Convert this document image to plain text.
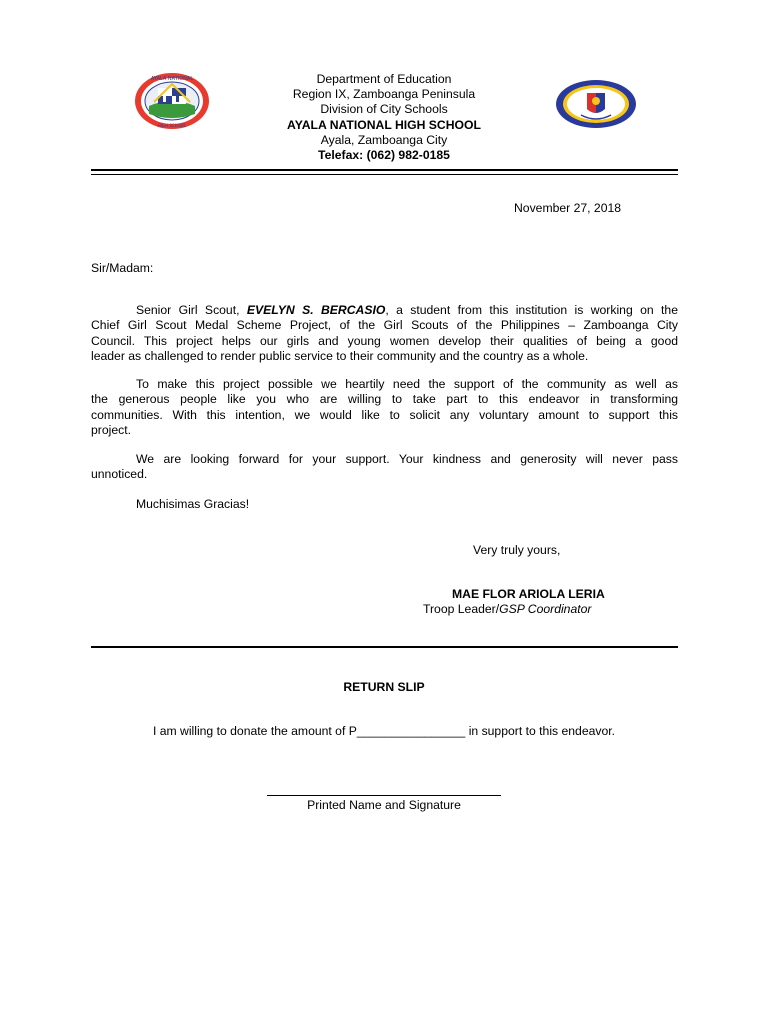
AYALA NATIONAL
HIGH SCHOOL
Department of Education
Region IX, Zamboanga Peninsula
Division of City Schools
AYALA NATIONAL HIGH SCHOOL
Ayala, Zamboanga City
Telefax: (062) 982-0185
November 27, 2018
Sir/Madam:
Senior Girl Scout, EVELYN S. BERCASIO, a student from this institution is working on the
Chief Girl Scout Medal Scheme Project, of the Girl Scouts of the Philippines – Zamboanga City
Council. This project helps our girls and young women develop their qualities of being a good
leader as challenged to render public service to their community and the country as a whole.
To make this project possible we heartily need the support of the community as well as
the generous people like you who are willing to take part to this endeavor in transforming
communities. With this intention, we would like to solicit any voluntary amount to support this
project.
We are looking forward for your support. Your kindness and generosity will never pass
unnoticed.
Muchisimas Gracias!
Very truly yours,
MAE FLOR ARIOLA LERIA
Troop Leader/GSP Coordinator
RETURN SLIP
I am willing to donate the amount of P________________ in support to this endeavor.
Printed Name and Signature
